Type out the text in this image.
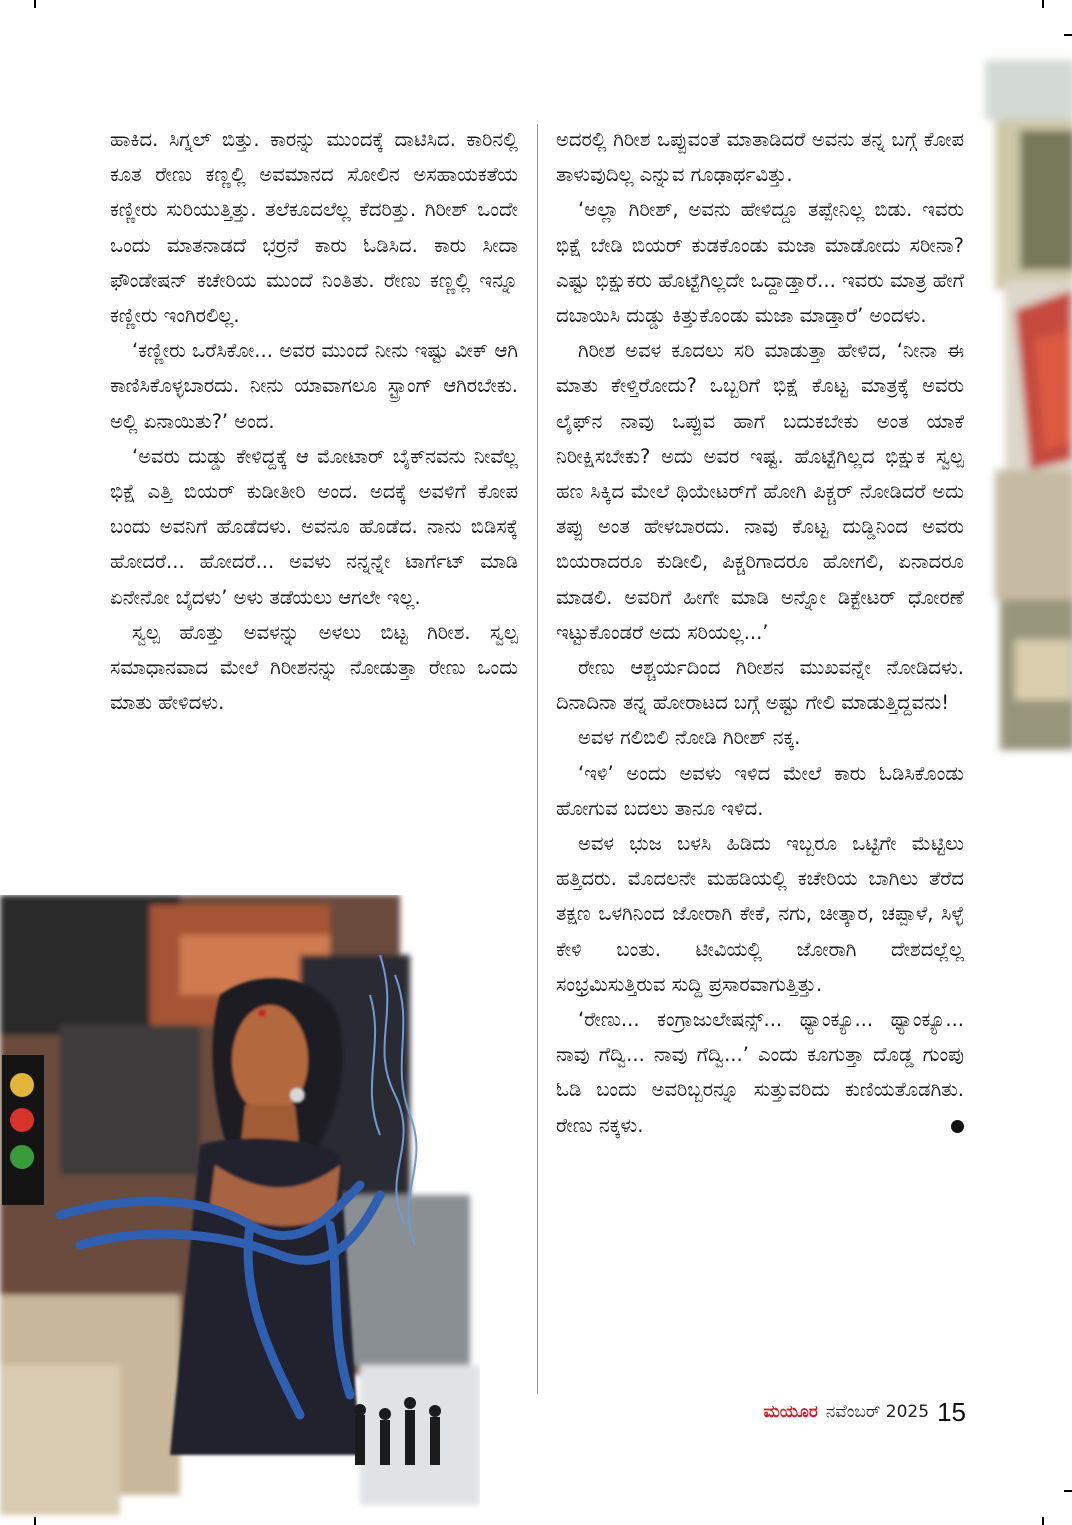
ಹಾಕಿದ. ಸಿಗ್ನಲ್ ಬಿತ್ತು. ಕಾರನ್ನು ಮುಂದಕ್ಕೆ ದಾಟಿಸಿದ. ಕಾರಿನಲ್ಲಿ ಕೂತ ರೇಣು ಕಣ್ಣಲ್ಲಿ ಅವಮಾನದ ಸೋಲಿನ ಅಸಹಾಯಕತೆಯ ಕಣ್ಣೀರು ಸುರಿಯುತ್ತಿತ್ತು. ತಲೆಕೂದಲೆಲ್ಲ ಕೆದರಿತ್ತು. ಗಿರೀಶ್ ಒಂದೇ ಒಂದು ಮಾತನಾಡದೆ ಭರ್ರನೆ ಕಾರು ಓಡಿಸಿದ. ಕಾರು ಸೀದಾ ಫೌಂಡೇಷನ್ ಕಚೇರಿಯ ಮುಂದೆ ನಿಂತಿತು. ರೇಣು ಕಣ್ಣಲ್ಲಿ ಇನ್ನೂ ಕಣ್ಣೀರು ಇಂಗಿರಲಿಲ್ಲ.

‘ಕಣ್ಣೀರು ಒರೆಸಿಕೋ... ಅವರ ಮುಂದೆ ನೀನು ಇಷ್ಟು ವೀಕ್ ಆಗಿ ಕಾಣಿಸಿಕೊಳ್ಳಬಾರದು. ನೀನು ಯಾವಾಗಲೂ ಸ್ಟ್ರಾಂಗ್ ಆಗಿರಬೇಕು. ಅಲ್ಲಿ ಏನಾಯಿತು?’ ಅಂದ.

‘ಅವರು ದುಡ್ಡು ಕೇಳಿದ್ದಕ್ಕೆ ಆ ಮೋಟಾರ್ ಬೈಕ್‌ನವನು ನೀವೆಲ್ಲ ಭಿಕ್ಷೆ ಎತ್ತಿ ಬಿಯರ್ ಕುಡೀತೀರಿ ಅಂದ. ಅದಕ್ಕೆ ಅವಳಿಗೆ ಕೋಪ ಬಂದು ಅವನಿಗೆ ಹೊಡೆದಳು. ಅವನೂ ಹೊಡೆದ. ನಾನು ಬಿಡಿಸಕ್ಕೆ ಹೋದರೆ... ಹೋದರೆ... ಅವಳು ನನ್ನನ್ನೇ ಟಾರ್ಗೆಟ್ ಮಾಡಿ ಏನೇನೋ ಬೈದಳು’ ಅಳು ತಡೆಯಲು ಆಗಲೇ ಇಲ್ಲ.

ಸ್ವಲ್ಪ ಹೊತ್ತು ಅವಳನ್ನು ಅಳಲು ಬಿಟ್ಟ ಗಿರೀಶ. ಸ್ವಲ್ಪ ಸಮಾಧಾನವಾದ ಮೇಲೆ ಗಿರೀಶನನ್ನು ನೋಡುತ್ತಾ ರೇಣು ಒಂದು ಮಾತು ಹೇಳಿದಳು.

ಅದರಲ್ಲಿ ಗಿರೀಶ ಒಪ್ಪುವಂತೆ ಮಾತಾಡಿದರೆ ಅವನು ತನ್ನ ಬಗ್ಗೆ ಕೋಪ ತಾಳುವುದಿಲ್ಲ ಎನ್ನುವ ಗೂಢಾರ್ಥವಿತ್ತು.

‘ಅಲ್ಲಾ ಗಿರೀಶ್, ಅವನು ಹೇಳಿದ್ದೂ ತಪ್ಪೇನಿಲ್ಲ ಬಿಡು. ಇವರು ಭಿಕ್ಷೆ ಬೇಡಿ ಬಿಯರ್ ಕುಡಕೊಂಡು ಮಜಾ ಮಾಡೋದು ಸರೀನಾ? ಎಷ್ಟು ಭಿಕ್ಷುಕರು ಹೊಟ್ಟೆಗಿಲ್ಲದೇ ಒದ್ದಾಡ್ತಾರೆ... ಇವರು ಮಾತ್ರ ಹೇಗೆ ದಬಾಯಿಸಿ ದುಡ್ಡು ಕಿತ್ತುಕೊಂಡು ಮಜಾ ಮಾಡ್ತಾರೆ’ ಅಂದಳು.

ಗಿರೀಶ ಅವಳ ಕೂದಲು ಸರಿ ಮಾಡುತ್ತಾ ಹೇಳಿದ, ‘ನೀನಾ ಈ ಮಾತು ಕೇಳ್ತಿರೋದು? ಒಬ್ಬರಿಗೆ ಭಿಕ್ಷೆ ಕೊಟ್ಟ ಮಾತ್ರಕ್ಕೆ ಅವರು ಲೈಫ್‌ನ ನಾವು ಒಪ್ಪುವ ಹಾಗೆ ಬದುಕಬೇಕು ಅಂತ ಯಾಕೆ ನಿರೀಕ್ಷಿಸಬೇಕು? ಅದು ಅವರ ಇಷ್ಟ. ಹೊಟ್ಟೆಗಿಲ್ಲದ ಭಿಕ್ಷುಕ ಸ್ವಲ್ಪ ಹಣ ಸಿಕ್ಕಿದ ಮೇಲೆ ಥಿಯೇಟರ್‌ಗೆ ಹೋಗಿ ಪಿಕ್ಚರ್ ನೋಡಿದರೆ ಅದು ತಪ್ಪು ಅಂತ ಹೇಳಬಾರದು. ನಾವು ಕೊಟ್ಟ ದುಡ್ಡಿನಿಂದ ಅವರು ಬಿಯರಾದರೂ ಕುಡೀಲಿ, ಪಿಕ್ಚರಿಗಾದರೂ ಹೋಗಲಿ, ಏನಾದರೂ ಮಾಡಲಿ. ಅವರಿಗೆ ಹೀಗೇ ಮಾಡಿ ಅನ್ನೋ ಡಿಕ್ಟೇಟರ್ ಧೋರಣೆ ಇಟ್ಟುಕೊಂಡರೆ ಅದು ಸರಿಯಲ್ಲ...’

ರೇಣು ಆಶ್ಚರ್ಯದಿಂದ ಗಿರೀಶನ ಮುಖವನ್ನೇ ನೋಡಿದಳು. ದಿನಾದಿನಾ ತನ್ನ ಹೋರಾಟದ ಬಗ್ಗೆ ಅಷ್ಟು ಗೇಲಿ ಮಾಡುತ್ತಿದ್ದವನು!

ಅವಳ ಗಲಿಬಿಲಿ ನೋಡಿ ಗಿರೀಶ್ ನಕ್ಕ.

‘ಇಳಿ’ ಅಂದು ಅವಳು ಇಳಿದ ಮೇಲೆ ಕಾರು ಓಡಿಸಿಕೊಂಡು ಹೋಗುವ ಬದಲು ತಾನೂ ಇಳಿದ.

ಅವಳ ಭುಜ ಬಳಸಿ ಹಿಡಿದು ಇಬ್ಬರೂ ಒಟ್ಟಿಗೇ ಮೆಟ್ಟಿಲು ಹತ್ತಿದರು. ಮೊದಲನೇ ಮಹಡಿಯಲ್ಲಿ ಕಚೇರಿಯ ಬಾಗಿಲು ತೆರೆದ ತಕ್ಷಣ ಒಳಗಿನಿಂದ ಜೋರಾಗಿ ಕೇಕೆ, ನಗು, ಚೀತ್ಕಾರ, ಚಪ್ಪಾಳೆ, ಸಿಳ್ಳೆ ಕೇಳಿ ಬಂತು. ಟೀವಿಯಲ್ಲಿ ಜೋರಾಗಿ ದೇಶದಲ್ಲೆಲ್ಲ ಸಂಭ್ರಮಿಸುತ್ತಿರುವ ಸುದ್ದಿ ಪ್ರಸಾರವಾಗುತ್ತಿತ್ತು.

‘ರೇಣು... ಕಂಗ್ರಾಜುಲೇಷನ್ಸ್... ಥ್ಯಾಂಕ್ಯೂ... ಥ್ಯಾಂಕ್ಯೂ... ನಾವು ಗೆದ್ವಿ... ನಾವು ಗೆದ್ವಿ...’ ಎಂದು ಕೂಗುತ್ತಾ ದೊಡ್ಡ ಗುಂಪು ಓಡಿ ಬಂದು ಅವರಿಬ್ಬರನ್ನೂ ಸುತ್ತುವರಿದು ಕುಣಿಯತೊಡಗಿತು. ರೇಣು ನಕ್ಕಳು.

ಮಯೂರ ನವೆಂಬರ್ 2025 15
